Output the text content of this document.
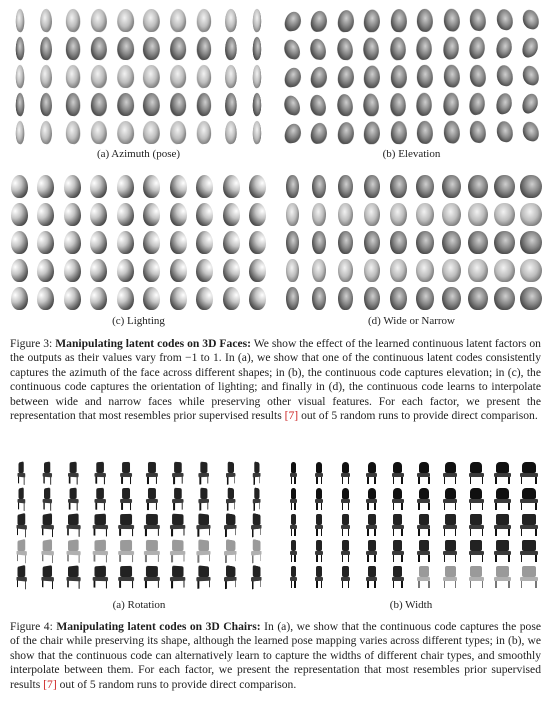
(a) Azimuth (pose)	(b) Elevation
(c) Lighting	(d) Wide or Narrow
Figure 3: Manipulating latent codes on 3D Faces: We show the effect of the learned continuous latent factors on the outputs as their values vary from −1 to 1. In (a), we show that one of the continuous latent codes consistently captures the azimuth of the face across different shapes; in (b), the continuous code captures elevation; in (c), the continuous code captures the orientation of lighting; and finally in (d), the continuous code learns to interpolate between wide and narrow faces while preserving other visual features. For each factor, we present the representation that most resembles prior supervised results [7] out of 5 random runs to provide direct comparison.
(a) Rotation	(b) Width
Figure 4: Manipulating latent codes on 3D Chairs: In (a), we show that the continuous code captures the pose of the chair while preserving its shape, although the learned pose mapping varies across different types; in (b), we show that the continuous code can alternatively learn to capture the widths of different chair types, and smoothly interpolate between them. For each factor, we present the representation that most resembles prior supervised results [7] out of 5 random runs to provide direct comparison.
